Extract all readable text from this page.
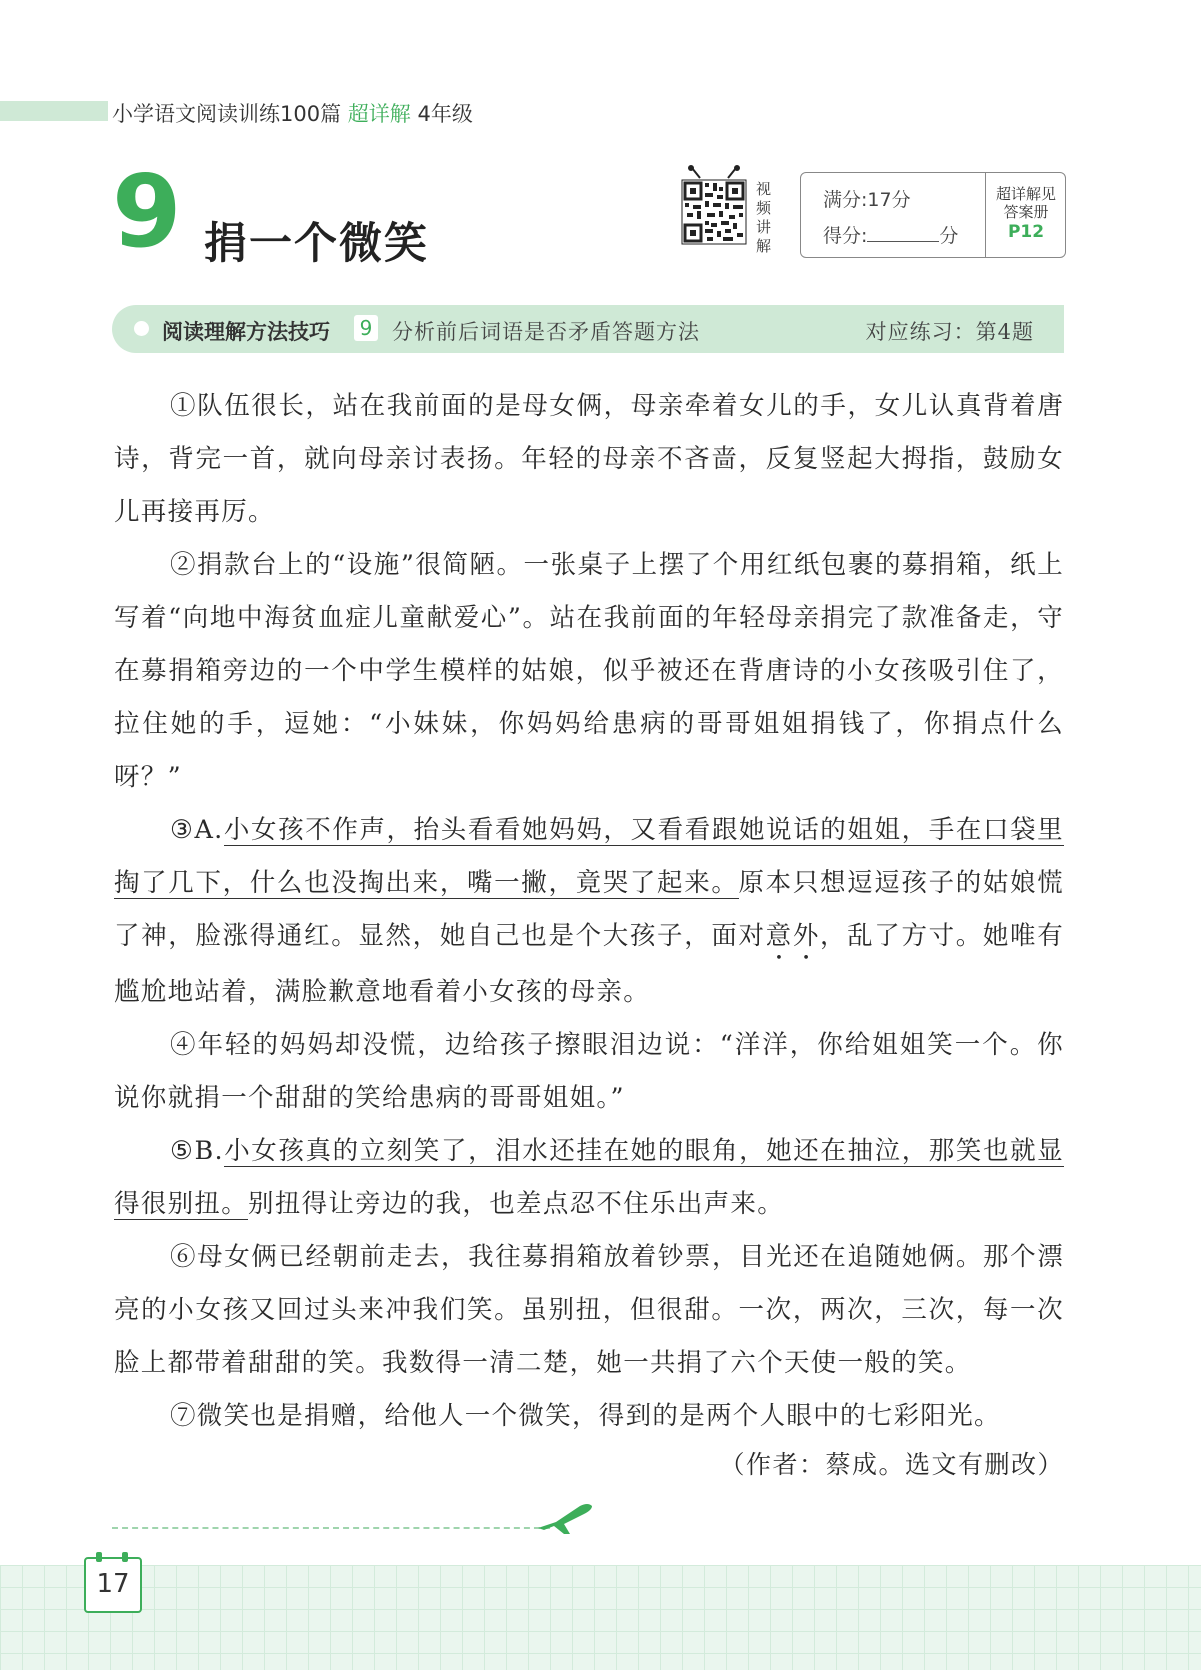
小学语文阅读训练100篇 超详解 4年级
9 捐一个微笑
视
频
讲
解
满分:17分
得分:	分
超详解见
答案册
P12
阅读理解方法技巧 9 分析前后词语是否矛盾答题方法	对应练习：第4题

①队伍很长，站在我前面的是母女俩，母亲牵着女儿的手，女儿认真背着唐诗，背完一首，就向母亲讨表扬。年轻的母亲不吝啬，反复竖起大拇指，鼓励女儿再接再厉。

②捐款台上的“设施”很简陋。一张桌子上摆了个用红纸包裹的募捐箱，纸上写着“向地中海贫血症儿童献爱心”。站在我前面的年轻母亲捐完了款准备走，守在募捐箱旁边的一个中学生模样的姑娘，似乎被还在背唐诗的小女孩吸引住了，拉住她的手，逗她：“小妹妹，你妈妈给患病的哥哥姐姐捐钱了，你捐点什么呀？”

③A.小女孩不作声，抬头看看她妈妈，又看看跟她说话的姐姐，手在口袋里掏了几下，什么也没掏出来，嘴一撇，竟哭了起来。原本只想逗逗孩子的姑娘慌了神，脸涨得通红。显然，她自己也是个大孩子，面对意外，乱了方寸。她唯有尴尬地站着，满脸歉意地看着小女孩的母亲。

④年轻的妈妈却没慌，边给孩子擦眼泪边说：“洋洋，你给姐姐笑一个。你说你就捐一个甜甜的笑给患病的哥哥姐姐。”

⑤B.小女孩真的立刻笑了，泪水还挂在她的眼角，她还在抽泣，那笑也就显得很别扭。别扭得让旁边的我，也差点忍不住乐出声来。

⑥母女俩已经朝前走去，我往募捐箱放着钞票，目光还在追随她俩。那个漂亮的小女孩又回过头来冲我们笑。虽别扭，但很甜。一次，两次，三次，每一次脸上都带着甜甜的笑。我数得一清二楚，她一共捐了六个天使一般的笑。

⑦微笑也是捐赠，给他人一个微笑，得到的是两个人眼中的七彩阳光。

（作者：蔡成。选文有删改）
17
